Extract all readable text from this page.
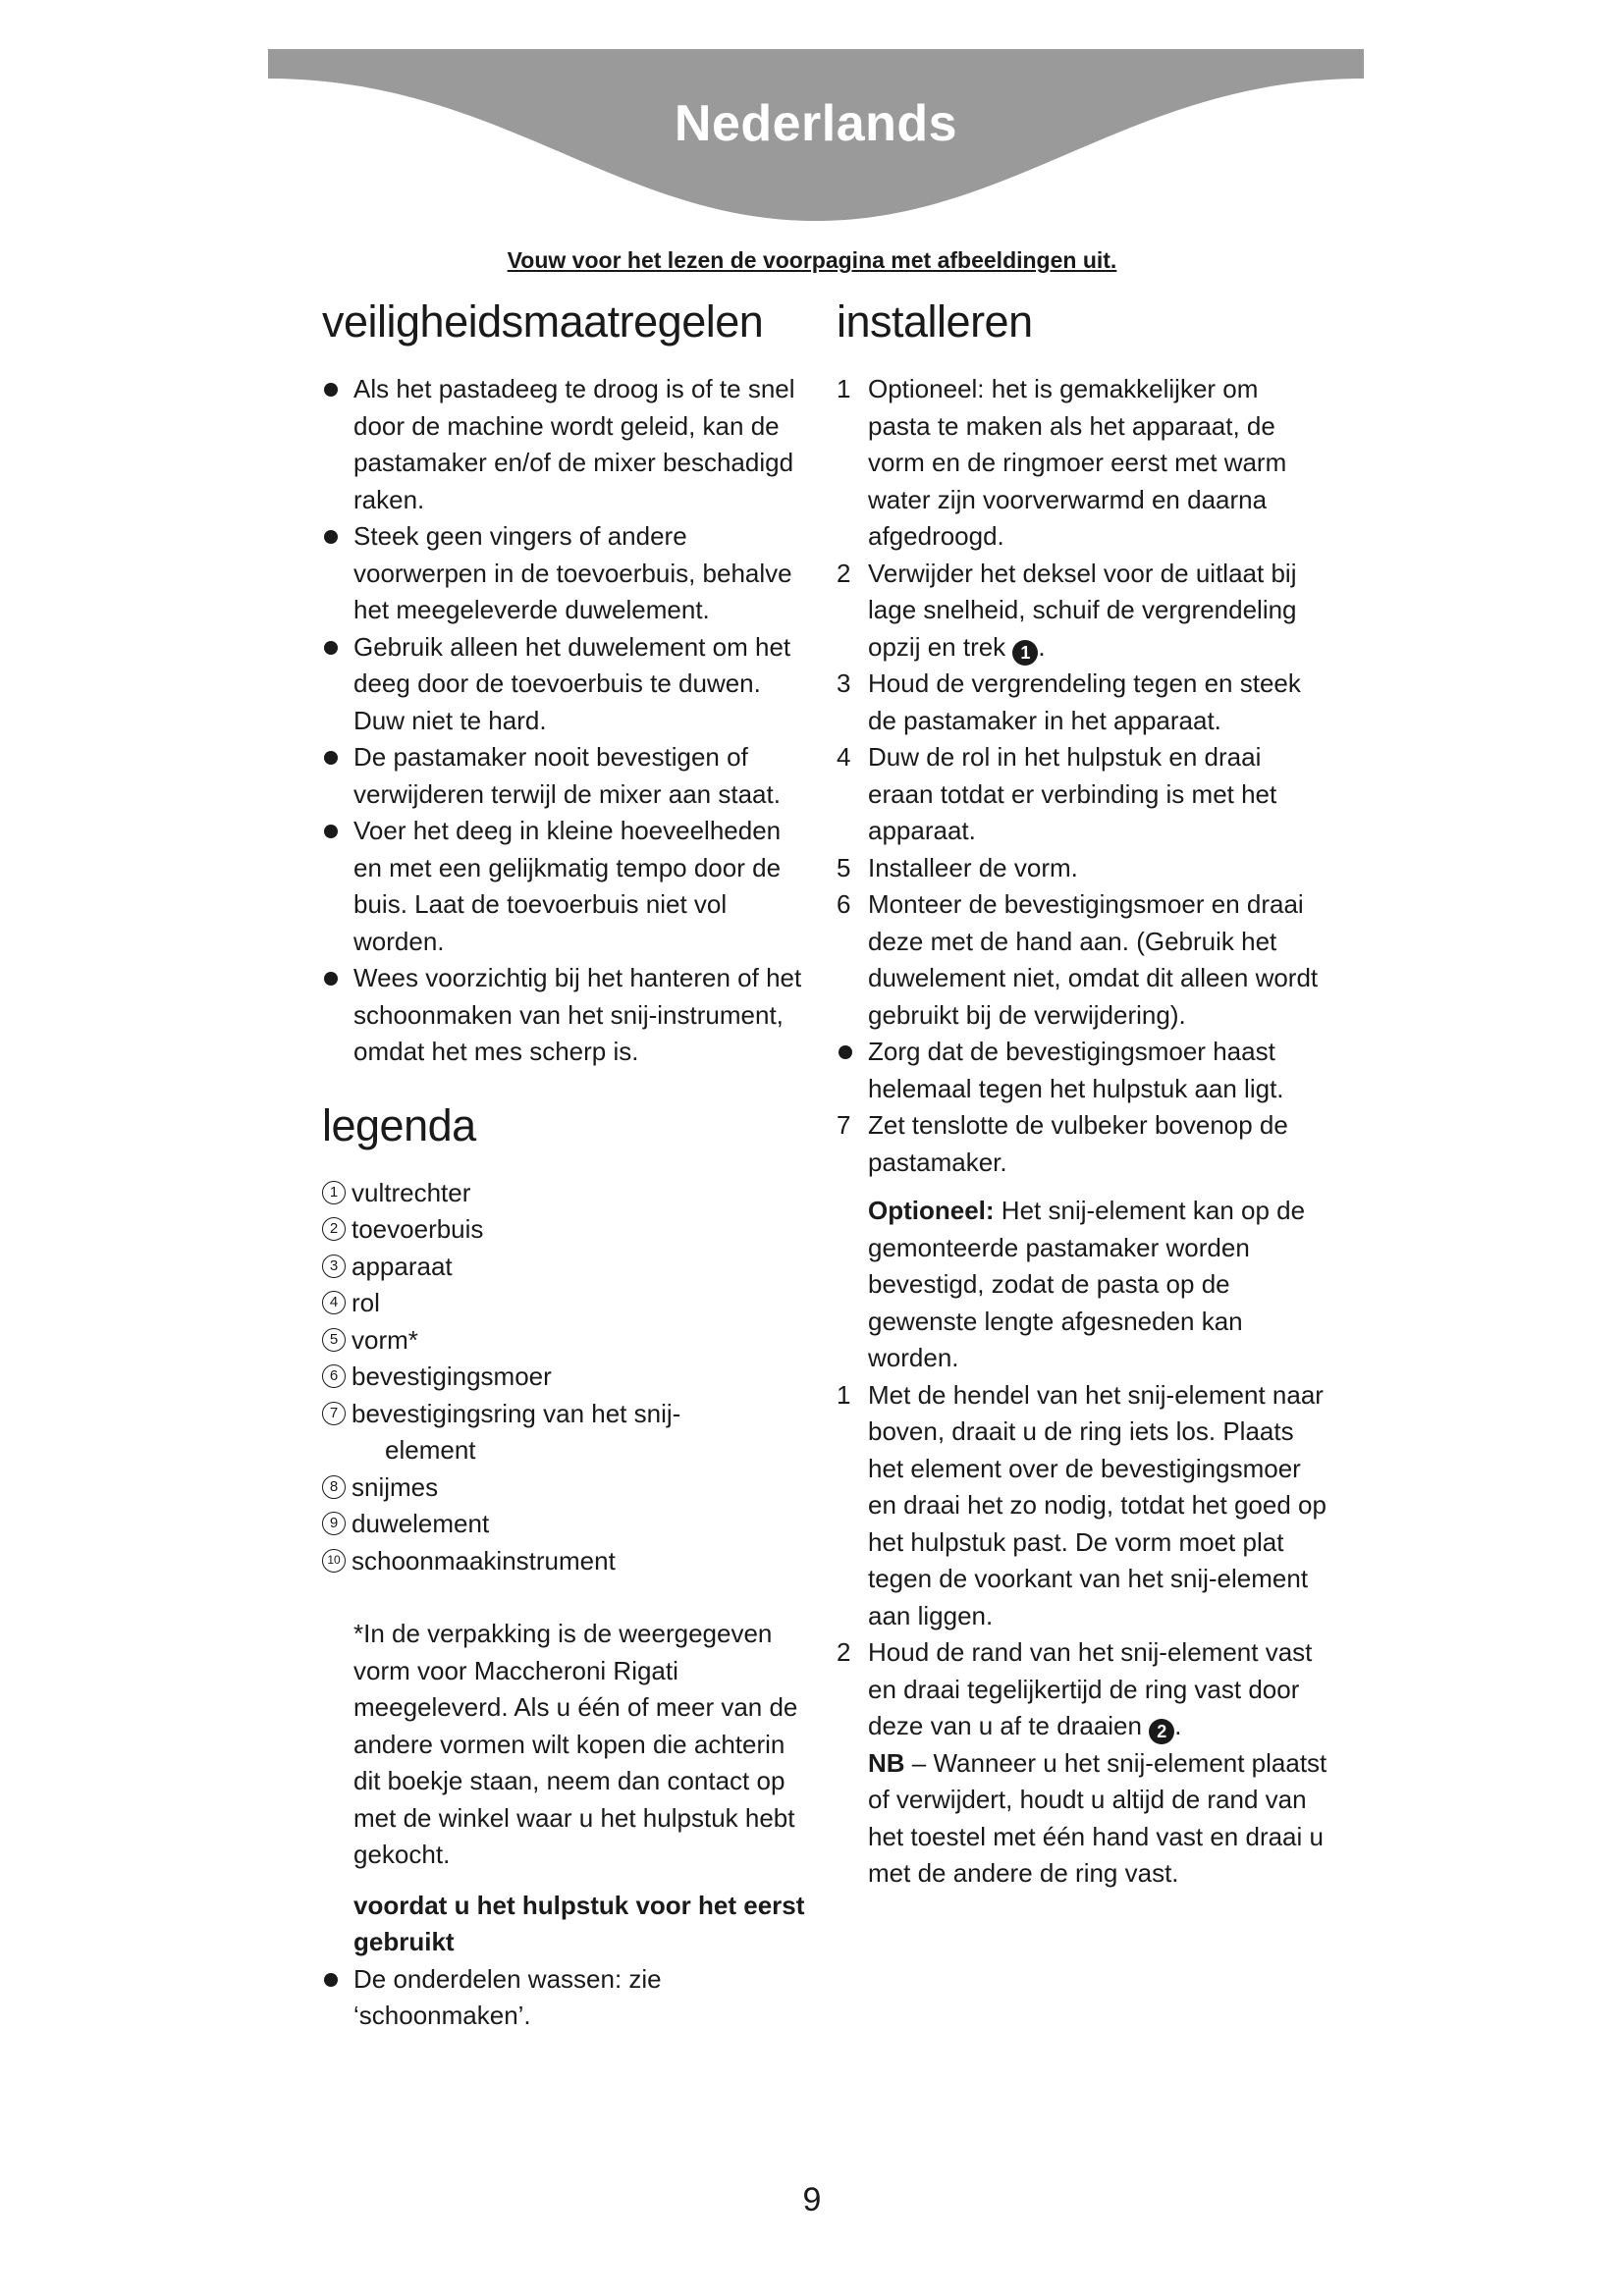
Nederlands
Vouw voor het lezen de voorpagina met afbeeldingen uit.
veiligheidsmaatregelen
Als het pastadeeg te droog is of te snel door de machine wordt geleid, kan de pastamaker en/of de mixer beschadigd raken.
Steek geen vingers of andere voorwerpen in de toevoerbuis, behalve het meegeleverde duwelement.
Gebruik alleen het duwelement om het deeg door de toevoerbuis te duwen. Duw niet te hard.
De pastamaker nooit bevestigen of verwijderen terwijl de mixer aan staat.
Voer het deeg in kleine hoeveelheden en met een gelijkmatig tempo door de buis. Laat de toevoerbuis niet vol worden.
Wees voorzichtig bij het hanteren of het schoonmaken van het snij-instrument, omdat het mes scherp is.
legenda
1 vultrechter
2 toevoerbuis
3 apparaat
4 rol
5 vorm*
6 bevestigingsmoer
7 bevestigingsring van het snij-
element
8 snijmes
9 duwelement
10 schoonmaakinstrument
*In de verpakking is de weergegeven vorm voor Maccheroni Rigati meegeleverd. Als u één of meer van de andere vormen wilt kopen die achterin dit boekje staan, neem dan contact op met de winkel waar u het hulpstuk hebt gekocht.
voordat u het hulpstuk voor het eerst gebruikt
De onderdelen wassen: zie ‘schoonmaken’.
installeren
1 Optioneel: het is gemakkelijker om pasta te maken als het apparaat, de vorm en de ringmoer eerst met warm water zijn voorverwarmd en daarna afgedroogd.
2 Verwijder het deksel voor de uitlaat bij lage snelheid, schuif de vergrendeling opzij en trek 1 .
3 Houd de vergrendeling tegen en steek de pastamaker in het apparaat.
4 Duw de rol in het hulpstuk en draai eraan totdat er verbinding is met het apparaat.
5 Installeer de vorm.
6 Monteer de bevestigingsmoer en draai deze met de hand aan. (Gebruik het duwelement niet, omdat dit alleen wordt gebruikt bij de verwijdering).
Zorg dat de bevestigingsmoer haast helemaal tegen het hulpstuk aan ligt.
7 Zet tenslotte de vulbeker bovenop de pastamaker.
Optioneel: Het snij-element kan op de gemonteerde pastamaker worden bevestigd, zodat de pasta op de gewenste lengte afgesneden kan worden.
1 Met de hendel van het snij-element naar boven, draait u de ring iets los. Plaats het element over de bevestigingsmoer en draai het zo nodig, totdat het goed op het hulpstuk past. De vorm moet plat tegen de voorkant van het snij-element aan liggen.
2 Houd de rand van het snij-element vast en draai tegelijkertijd de ring vast door deze van u af te draaien 2 .
NB – Wanneer u het snij-element plaatst of verwijdert, houdt u altijd de rand van het toestel met één hand vast en draai u met de andere de ring vast.
9
